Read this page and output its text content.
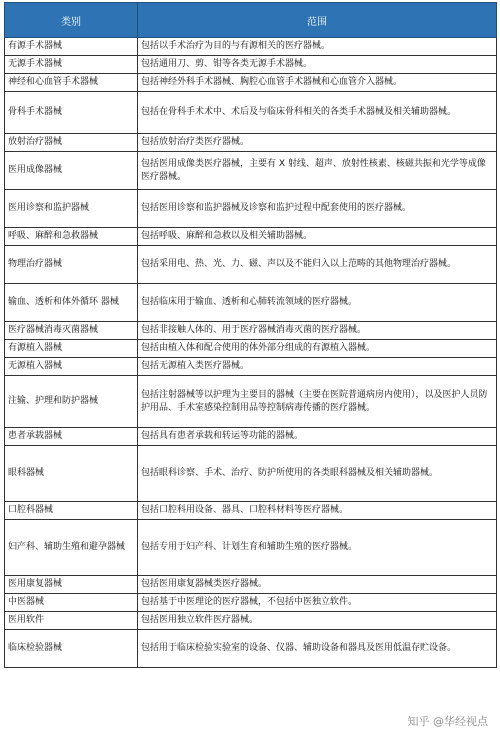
类别	范围
有源手术器械	包括以手术治疗为目的与有源相关的医疗器械。
无源手术器械	包括通用刀、剪、钳等各类无源手术器械。
神经和心血管手术器械	包括神经外科手术器械、胸腔心血管手术器械和心血管介入器械。
骨科手术器械	包括在骨科手术术中、术后及与临床骨科相关的各类手术器械及相关辅助器械。
放射治疗器械	包括放射治疗类医疗器械。
医用成像器械	包括医用成像类医疗器械，主要有 X 射线、超声、放射性核素、核磁共振和光学等成像医疗器械。
医用诊察和监护器械	包括医用诊察和监护器械及诊察和监护过程中配套使用的医疗器械。
呼吸、麻醉和急救器械	包括呼吸、麻醉和急救以及相关辅助器械。
物理治疗器械	包括采用电、热、光、力、磁、声以及不能归入以上范畴的其他物理治疗器械。
输血、透析和体外循环 器械	包括临床用于输血、透析和心肺转流领域的医疗器械。
医疗器械消毒灭菌器械	包括非接触人体的、用于医疗器械消毒灭菌的医疗器械。
有源植入器械	包括由植入体和配合使用的体外部分组成的有源植入器械。
无源植入器械	包括无源植入类医疗器械。
注输、护理和防护器械	包括注射器械等以护理为主要目的器械（主要在医院普通病房内使用），以及医护人员防护用品、手术室感染控制用品等控制病毒传播的医疗器械。
患者承载器械	包括具有患者承载和转运等功能的器械。
眼科器械	包括眼科诊察、手术、治疗、防护所使用的各类眼科器械及相关辅助器械。
口腔科器械	包括口腔科用设备、器具、口腔科材料等医疗器械。
妇产科、辅助生殖和避孕器械	包括专用于妇产科、计划生育和辅助生殖的医疗器械。
医用康复器械	包括医用康复器械类医疗器械。
中医器械	包括基于中医理论的医疗器械，不包括中医独立软件。
医用软件	包括医用独立软件医疗器械。
临床检验器械	包括用于临床检验实验室的设备、仪器、辅助设备和器具及医用低温存贮设备。
知乎 @华经视点
